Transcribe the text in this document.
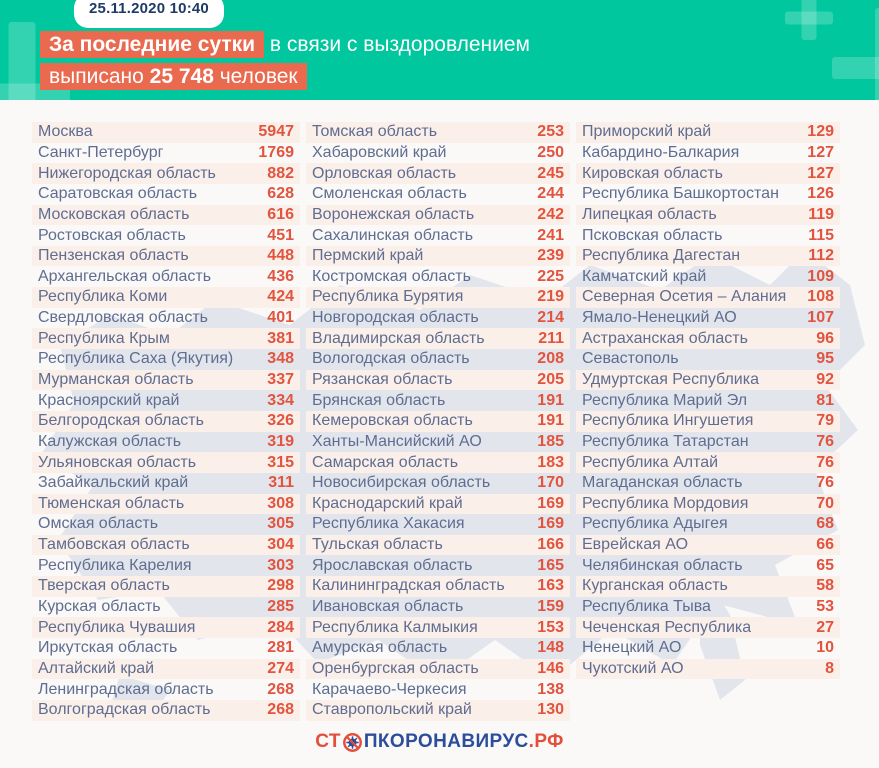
25.11.2020 10:40
За последние сутки в связи с выздоровлением
выписано 25 748 человек
Москва	5947
Санкт-Петербург	1769
Нижегородская область	882
Саратовская область	628
Московская область	616
Ростовская область	451
Пензенская область	448
Архангельская область	436
Республика Коми	424
Свердловская область	401
Республика Крым	381
Республика Саха (Якутия) 348
Мурманская область	337
Красноярский край	334
Белгородская область	326
Калужская область	319
Ульяновская область	315
Забайкальский край	311
Тюменская область	308
Омская область	305
Тамбовская область	304
Республика Карелия	303
Тверская область	298
Курская область	285
Республика Чувашия	284
Иркутская область	281
Алтайский край	274
Ленинградская область	268
Волгоградская область	268
Томская область	253
Хабаровский край	250
Орловская область	245
Смоленская область	244
Воронежская область	242
Сахалинская область	241
Пермский край	239
Костромская область	225
Республика Бурятия	219
Новгородская область	214
Владимирская область	211
Вологодская область	208
Рязанская область	205
Брянская область	191
Кемеровская область	191
Ханты-Мансийский АО	185
Самарская область	183
Новосибирская область	170
Краснодарский край	169
Республика Хакасия	169
Тульская область	166
Ярославская область	165
Калининградская область 163
Ивановская область	159
Республика Калмыкия	153
Амурская область	148
Оренбургская область	146
Карачаево-Черкесия	138
Ставропольский край	130
Приморский край	129
Кабардино-Балкария	127
Кировская область	127
Республика Башкортостан 126
Липецкая область	119
Псковская область	115
Республика Дагестан	112
Камчатский край	109
Северная Осетия – Алания 108
Ямало-Ненецкий АО	107
Астраханская область	96
Севастополь	95
Удмуртская Республика	92
Республика Марий Эл	81
Республика Ингушетия	79
Республика Татарстан	76
Республика Алтай	76
Магаданская область	76
Республика Мордовия	70
Республика Адыгея	68
Еврейская АО	66
Челябинская область	65
Курганская область	58
Республика Тыва	53
Чеченская Республика	27
Ненецкий АО	10
Чукотский АО	8
СТ ПКОРОНАВИРУС .РФ
